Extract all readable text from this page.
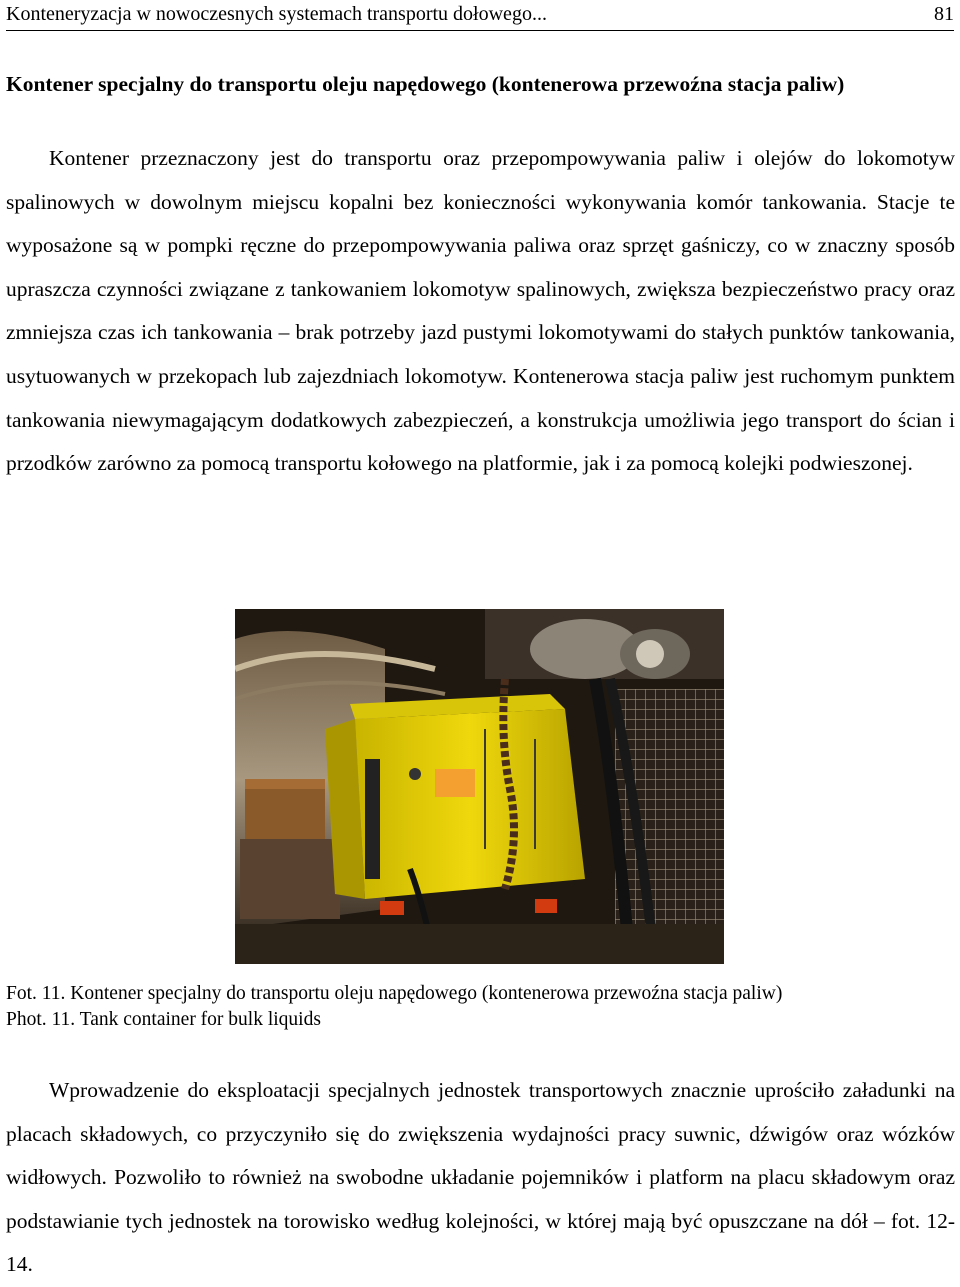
Konteneryzacja w nowoczesnych systemach transportu dołowego...	81
Kontener specjalny do transportu oleju napędowego (kontenerowa przewoźna stacja paliw)

Kontener przeznaczony jest do transportu oraz przepompowywania paliw i olejów do lokomotyw spalinowych w dowolnym miejscu kopalni bez konieczności wykonywania komór tankowania. Stacje te wyposażone są w pompki ręczne do przepompowywania paliwa oraz sprzęt gaśniczy, co w znaczny sposób upraszcza czynności związane z tankowaniem lokomotyw spalinowych, zwiększa bezpieczeństwo pracy oraz zmniejsza czas ich tankowania – brak potrzeby jazd pustymi lokomotywami do stałych punktów tankowania, usytuowanych w przekopach lub zajezdniach lokomotyw. Kontenerowa stacja paliw jest ruchomym punktem tankowania niewymagającym dodatkowych zabezpieczeń, a konstrukcja umożliwia jego transport do ścian i przodków zarówno za pomocą transportu kołowego na platformie, jak i za pomocą kolejki podwieszonej.

Fot. 11. Kontener specjalny do transportu oleju napędowego (kontenerowa przewoźna stacja paliw)
Phot. 11. Tank container for bulk liquids

Wprowadzenie do eksploatacji specjalnych jednostek transportowych znacznie uprościło załadunki na placach składowych, co przyczyniło się do zwiększenia wydajności pracy suwnic, dźwigów oraz wózków widłowych. Pozwoliło to również na swobodne układanie pojemników i platform na placu składowym oraz podstawianie tych jednostek na torowisko według kolejności, w której mają być opuszczane na dół – fot. 12-14.
